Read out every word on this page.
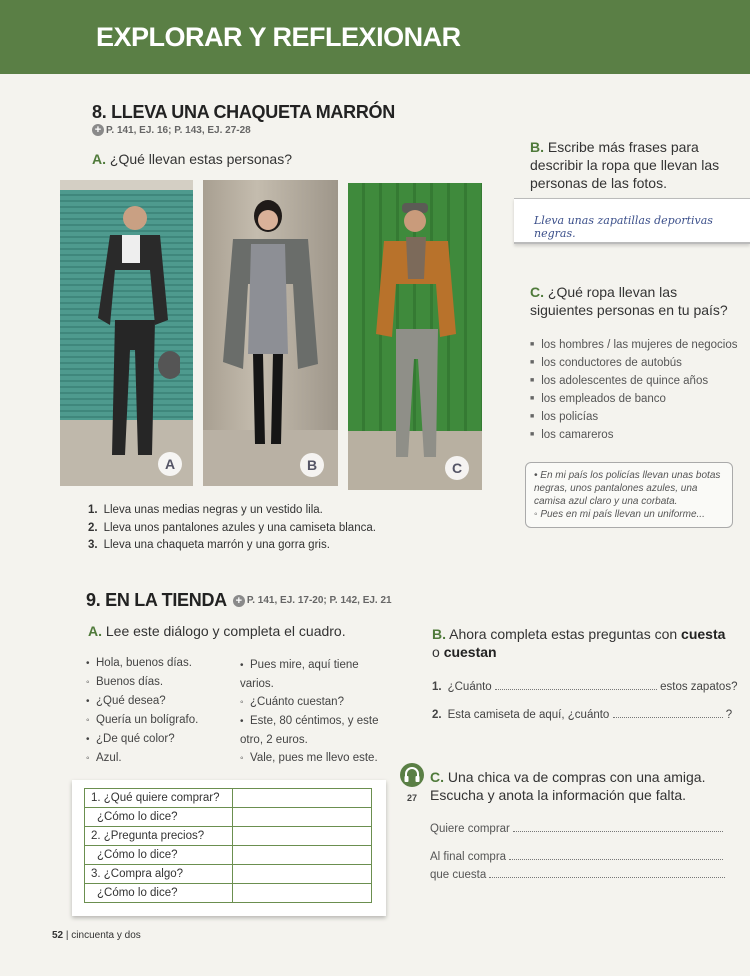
EXPLORAR Y REFLEXIONAR
8. LLEVA UNA CHAQUETA MARRÓN
+ P. 141, EJ. 16; P. 143, EJ. 27-28
A. ¿Qué llevan estas personas?
A	B	C
1. Lleva unas medias negras y un vestido lila.
2. Lleva unos pantalones azules y una camiseta blanca.
3. Lleva una chaqueta marrón y una gorra gris.
B. Escribe más frases para describir la ropa que llevan las personas de las fotos.
Lleva unas zapatillas deportivas negras.
C. ¿Qué ropa llevan las siguientes personas en tu país?
■ los hombres / las mujeres de negocios
■ los conductores de autobús
■ los adolescentes de quince años
■ los empleados de banco
■ los policías
■ los camareros
• En mi país los policías llevan unas botas negras, unos pantalones azules, una camisa azul claro y una corbata.
◦ Pues en mi país llevan un uniforme...
9. EN LA TIENDA + P. 141, EJ. 17-20; P. 142, EJ. 21
A. Lee este diálogo y completa el cuadro.
• Hola, buenos días.
◦ Buenos días.
• ¿Qué desea?
◦ Quería un bolígrafo.
• ¿De qué color?
◦ Azul.
• Pues mire, aquí tiene varios.
◦ ¿Cuánto cuestan?
• Este, 80 céntimos, y este otro, 2 euros.
◦ Vale, pues me llevo este.
1. ¿Qué quiere comprar?	
¿Cómo lo dice?	
2. ¿Pregunta precios?	
¿Cómo lo dice?	
3. ¿Compra algo?	
¿Cómo lo dice?	
B. Ahora completa estas preguntas con cuesta o cuestan
1. ¿Cuánto	estos zapatos?
2. Esta camiseta de aquí, ¿cuánto	?
27
C. Una chica va de compras con una amiga. Escucha y anota la información que falta.
Quiere comprar
Al final compra
que cuesta
52 | cincuenta y dos
